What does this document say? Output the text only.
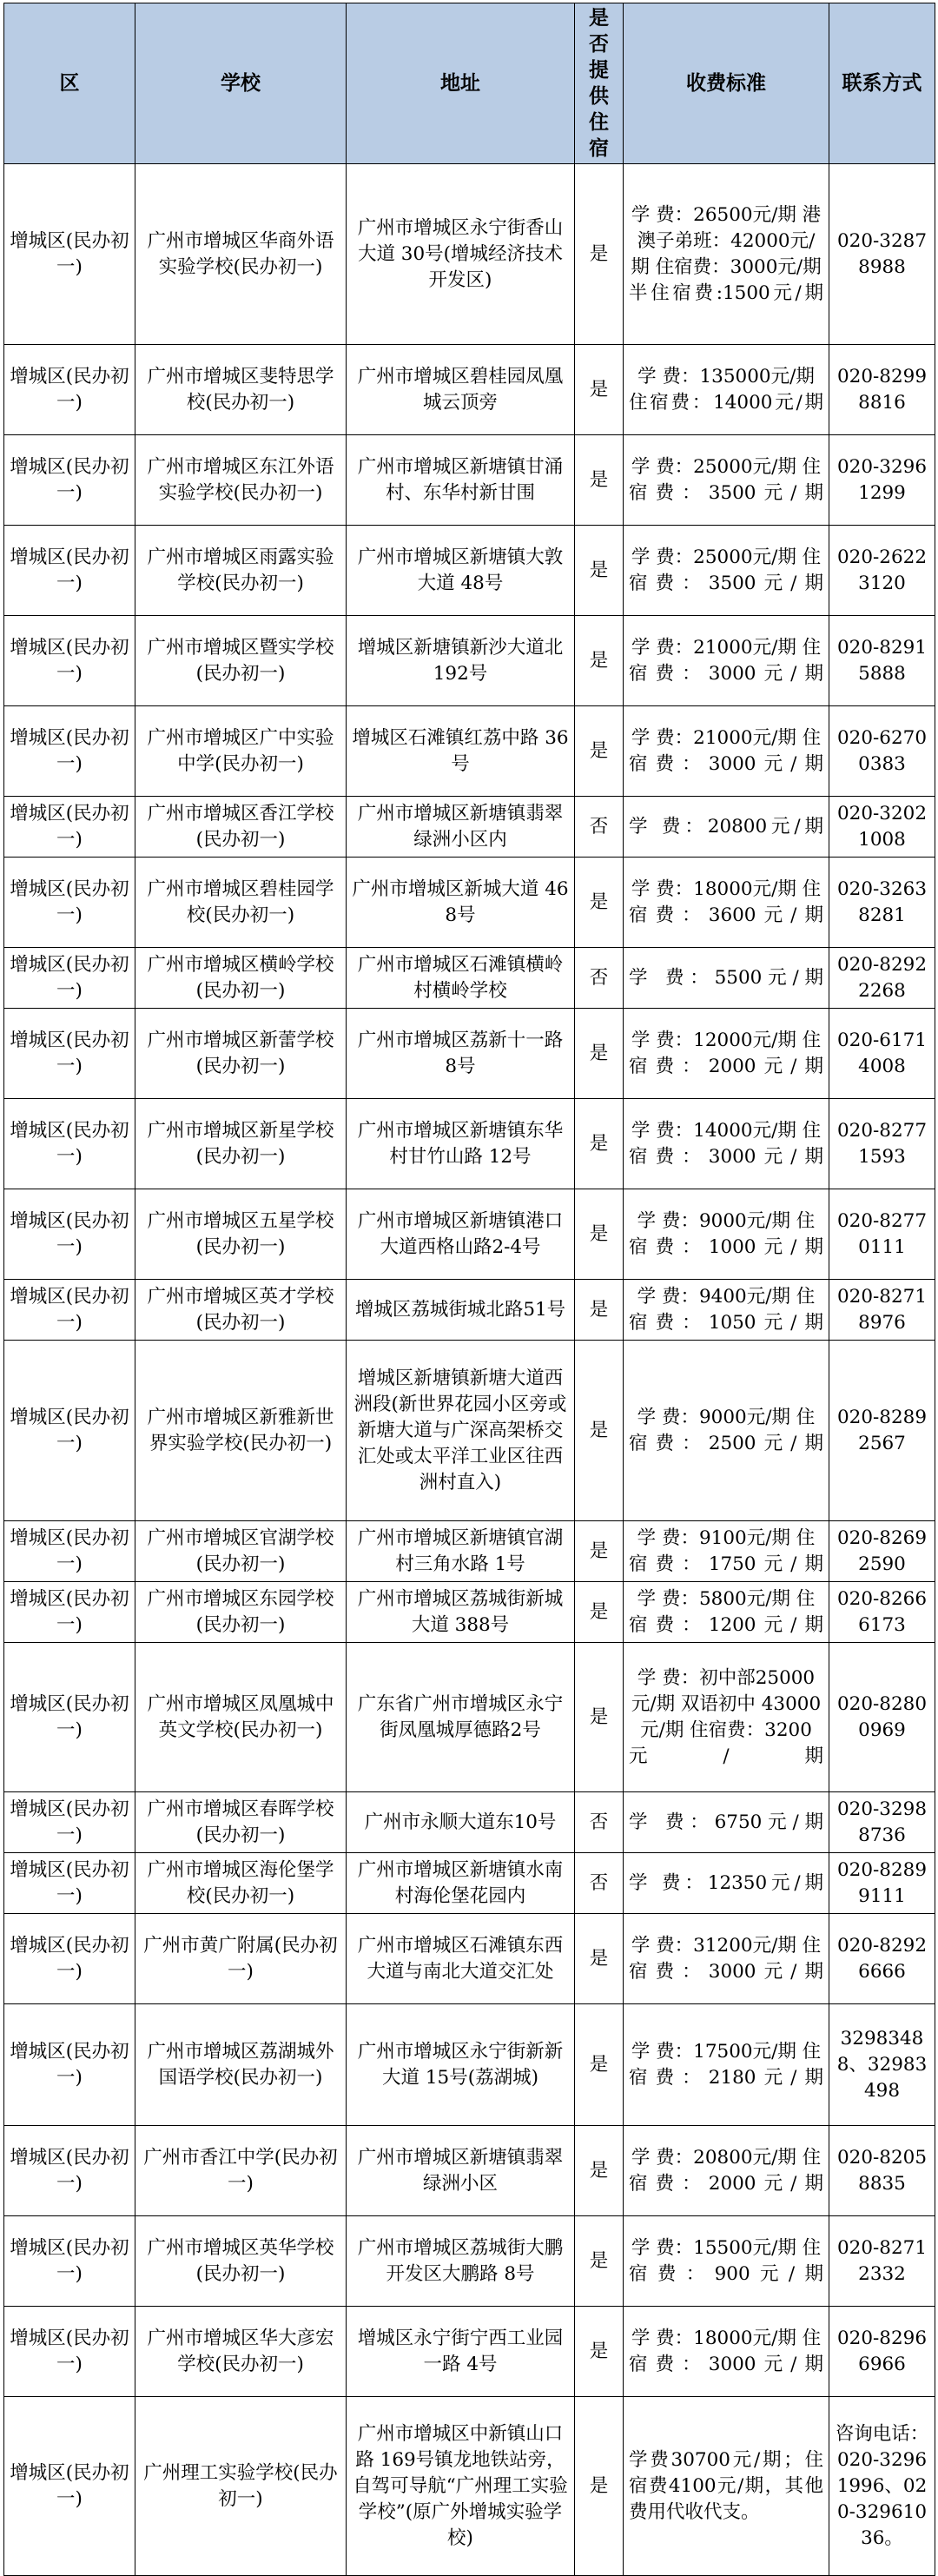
区	学校	地址	是否提供住宿	收费标准	联系方式
增城区(民办初一)	广州市增城区华商外语实验学校(民办初一)	广州市增城区永宁街香山大道 30号(增城经济技术开发区)	是	学 费：26500元/期 港澳子弟班：42000元/期 住宿费：3000元/期 半住宿费:1500元/期	020-32878988
增城区(民办初一)	广州市增城区斐特思学校(民办初一)	广州市增城区碧桂园凤凰城云顶旁	是	学 费：135000元/期 住宿费：14000元/期	020-82998816
增城区(民办初一)	广州市增城区东江外语实验学校(民办初一)	广州市增城区新塘镇甘涌村、东华村新甘围	是	学 费：25000元/期 住宿费：3500元/期	020-32961299
增城区(民办初一)	广州市增城区雨露实验学校(民办初一)	广州市增城区新塘镇大敦大道 48号	是	学 费：25000元/期 住宿费：3500元/期	020-26223120
增城区(民办初一)	广州市增城区暨实学校(民办初一)	增城区新塘镇新沙大道北 192号	是	学 费：21000元/期 住宿费：3000元/期	020-82915888
增城区(民办初一)	广州市增城区广中实验中学(民办初一)	增城区石滩镇红荔中路 36号	是	学 费：21000元/期 住宿费：3000元/期	020-62700383
增城区(民办初一)	广州市增城区香江学校(民办初一)	广州市增城区新塘镇翡翠绿洲小区内	否	学 费：20800元/期	020-32021008
增城区(民办初一)	广州市增城区碧桂园学校(民办初一)	广州市增城区新城大道 468号	是	学 费：18000元/期 住宿费：3600元/期	020-32638281
增城区(民办初一)	广州市增城区横岭学校(民办初一)	广州市增城区石滩镇横岭村横岭学校	否	学 费：5500元/期	020-82922268
增城区(民办初一)	广州市增城区新蕾学校(民办初一)	广州市增城区荔新十一路 8号	是	学 费：12000元/期 住宿费：2000元/期	020-61714008
增城区(民办初一)	广州市增城区新星学校(民办初一)	广州市增城区新塘镇东华村甘竹山路 12号	是	学 费：14000元/期 住宿费：3000元/期	020-82771593
增城区(民办初一)	广州市增城区五星学校(民办初一)	广州市增城区新塘镇港口大道西格山路2-4号	是	学 费：9000元/期 住宿费：1000元/期	020-82770111
增城区(民办初一)	广州市增城区英才学校(民办初一)	增城区荔城街城北路51号	是	学 费：9400元/期 住宿费：1050元/期	020-82718976
增城区(民办初一)	广州市增城区新雅新世界实验学校(民办初一)	增城区新塘镇新塘大道西洲段(新世界花园小区旁或新塘大道与广深高架桥交汇处或太平洋工业区往西洲村直入)	是	学 费：9000元/期 住宿费：2500元/期	020-82892567
增城区(民办初一)	广州市增城区官湖学校(民办初一)	广州市增城区新塘镇官湖村三角水路 1号	是	学 费：9100元/期 住宿费：1750元/期	020-82692590
增城区(民办初一)	广州市增城区东园学校(民办初一)	广州市增城区荔城街新城大道 388号	是	学 费：5800元/期 住宿费：1200元/期	020-82666173
增城区(民办初一)	广州市增城区凤凰城中英文学校(民办初一)	广东省广州市增城区永宁街凤凰城厚德路2号	是	学 费：初中部25000元/期 双语初中 43000元/期 住宿费：3200元/期	020-82800969
增城区(民办初一)	广州市增城区春晖学校(民办初一)	广州市永顺大道东10号	否	学 费：6750元/期	020-32988736
增城区(民办初一)	广州市增城区海伦堡学校(民办初一)	广州市增城区新塘镇水南村海伦堡花园内	否	学 费：12350元/期	020-82899111
增城区(民办初一)	广州市黄广附属(民办初一)	广州市增城区石滩镇东西大道与南北大道交汇处	是	学 费：31200元/期 住宿费：3000元/期	020-82926666
增城区(民办初一)	广州市增城区荔湖城外国语学校(民办初一)	广州市增城区永宁街新新大道 15号(荔湖城)	是	学 费：17500元/期 住宿费：2180元/期	32983488、32983498
增城区(民办初一)	广州市香江中学(民办初一)	广州市增城区新塘镇翡翠绿洲小区	是	学 费：20800元/期 住宿费：2000元/期	020-82058835
增城区(民办初一)	广州市增城区英华学校(民办初一)	广州市增城区荔城街大鹏开发区大鹏路 8号	是	学 费：15500元/期 住宿费：900元/期	020-82712332
增城区(民办初一)	广州市增城区华大彦宏学校(民办初一)	增城区永宁街宁西工业园一路 4号	是	学 费：18000元/期 住宿费：3000元/期	020-82966966
增城区(民办初一)	广州理工实验学校(民办初一)	广州市增城区中新镇山口路 169号镇龙地铁站旁，自驾可导航“广州理工实验学校”(原广外增城实验学校)	是	学费30700元/期；住宿费4100元/期，其他费用代收代支。	咨询电话：020-32961996、020-32961036。
